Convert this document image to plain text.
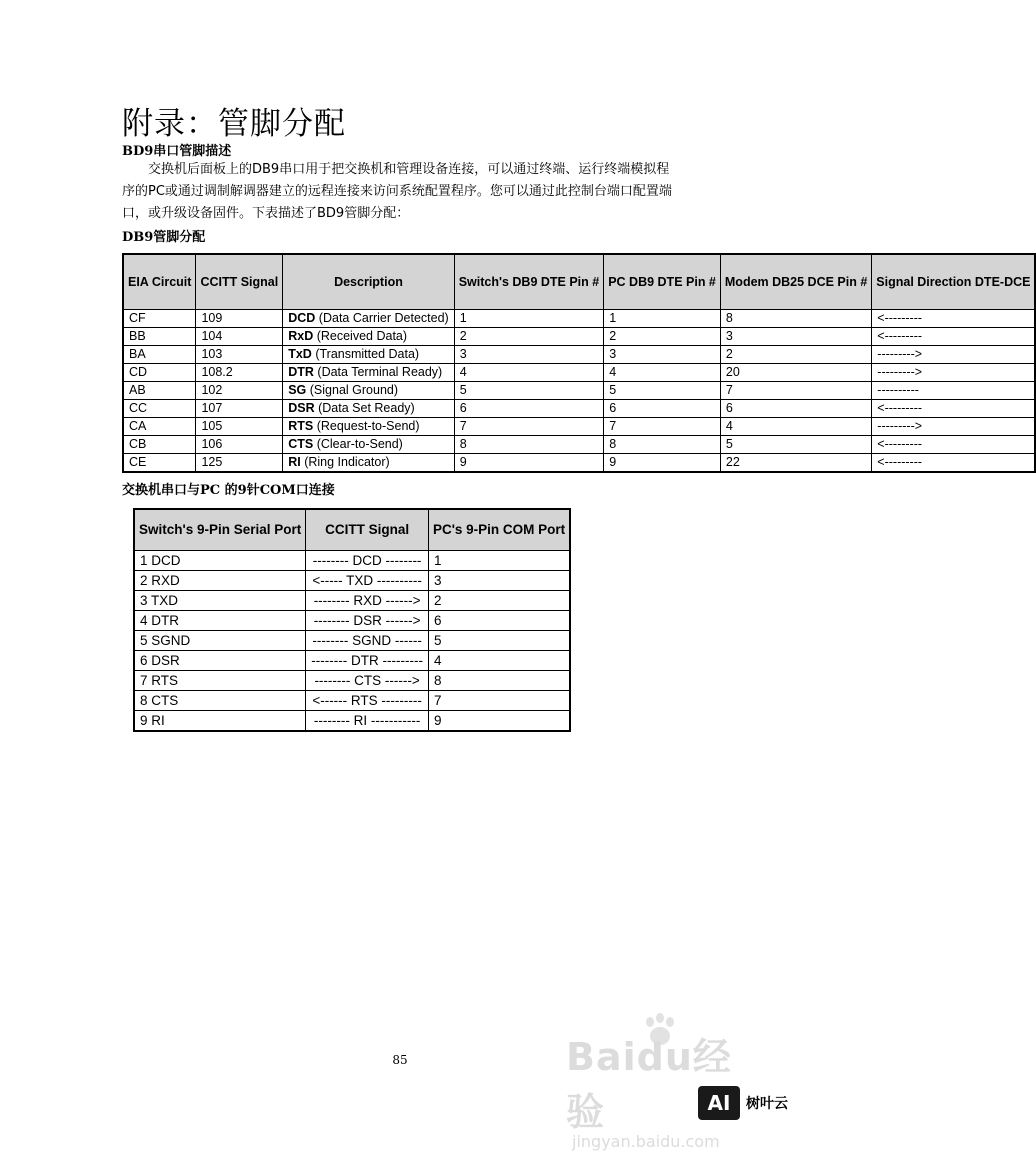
附录：管脚分配
BD9串口管脚描述
交换机后面板上的DB9串口用于把交换机和管理设备连接，可以通过终端、运行终端模拟程序的PC或通过调制解调器建立的远程连接来访问系统配置程序。您可以通过此控制台端口配置端口，或升级设备固件。下表描述了BD9管脚分配：
DB9管脚分配
EIA Circuit	CCITT Signal	Description	Switch's DB9 DTE Pin #	PC DB9 DTE Pin #	Modem DB25 DCE Pin #	Signal Direction DTE-DCE
CF	109	DCD (Data Carrier Detected)	1	1	8	<---------
BB	104	RxD (Received Data)	2	2	3	<---------
BA	103	TxD (Transmitted Data)	3	3	2	--------->
CD	108.2	DTR (Data Terminal Ready)	4	4	20	--------->
AB	102	SG (Signal Ground)	5	5	7	----------
CC	107	DSR (Data Set Ready)	6	6	6	<---------
CA	105	RTS (Request-to-Send)	7	7	4	--------->
CB	106	CTS (Clear-to-Send)	8	8	5	<---------
CE	125	RI (Ring Indicator)	9	9	22	<---------
交换机串口与PC 的9针COM口连接
Switch's 9-Pin Serial Port	CCITT Signal	PC's 9-Pin COM Port
1 DCD	-------- DCD --------	1
2 RXD	<----- TXD ----------	3
3 TXD	-------- RXD ------>	2
4 DTR	-------- DSR ------>	6
5 SGND	-------- SGND ------	5
6 DSR	-------- DTR ---------	4
7 RTS	-------- CTS ------>	8
8 CTS	<------ RTS ---------	7
9 RI	-------- RI -----------	9
85	Baidu经验
jingyan.baidu.com
AI	树叶云
